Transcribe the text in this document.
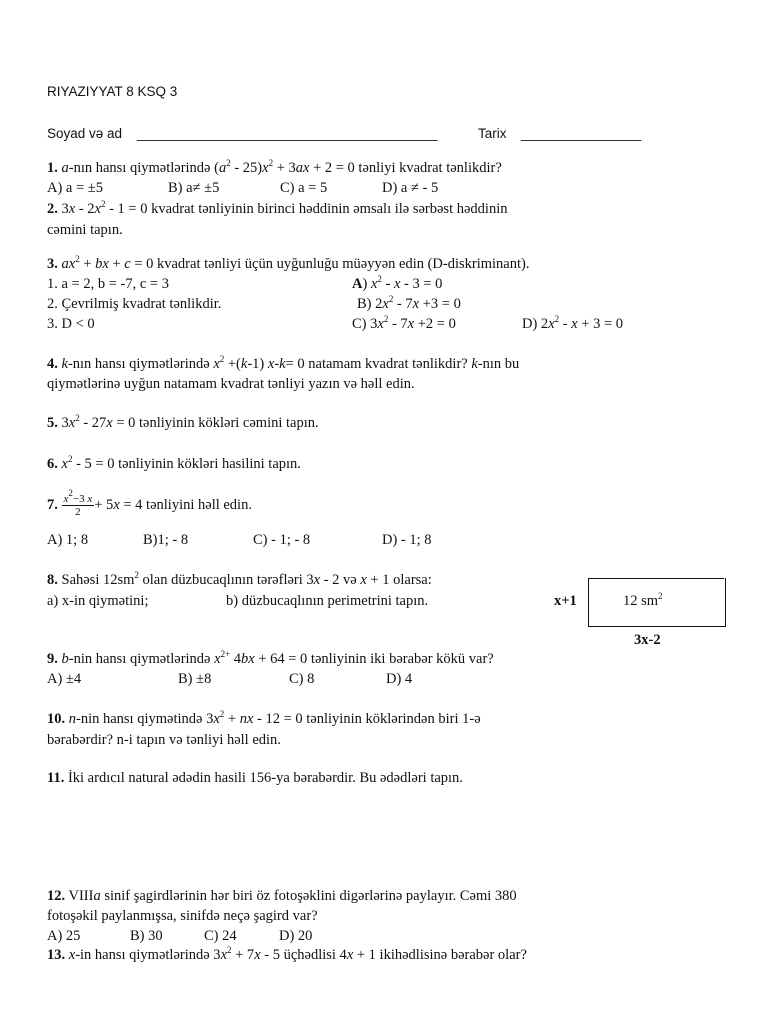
RIYAZIYYAT 8 KSQ 3
Soyad və ad ________________________________________	Tarix ________________
1. a-nın hansı qiymətlərində $(a^2 - 25)x^2 + 3ax + 2 = 0$ tənliyi kvadrat tənlikdir?
A) a = ±5	B) a≠ ±5	C) a = 5	D) a ≠ - 5
2. $3x - 2x^2 - 1 = 0$ kvadrat tənliyinin birinci həddinin əmsalı ilə sərbəst həddinin
cəmini tapın.
3. $ax^2$ + bx + c = 0 kvadrat tənliyi üçün uyğunluğu müəyyən edin (D-diskriminant).
1. a = 2, b = -7, c = 3
2. Çevrilmiş kvadrat tənlikdir.
3. D < 0
A) $x^2 - x - 3 = 0$
B) $2x^2 - 7x +3 = 0$
C) $3x^2 - 7x +2 = 0$	D) $2x^2 - x + 3 = 0$
4. k-nın hansı qiymətlərində $x^2 +(k-1)$ x-k= 0 natamam kvadrat tənlikdir? k-nın bu
qiymətlərinə uyğun natamam kvadrat tənliyi yazın və həll edin.
5. $3x^2 - 27x = 0$ tənliyinin kökləri cəmini tapın.
6. $x^2 - 5 = 0$ tənliyinin kökləri hasilini tapın.
7. $\frac{x^2-3 x}{2} + 5x = 4$ tənliyini həll edin.
A) 1; 8	B)1; - 8	C) - 1; - 8	D) - 1; 8
8. Sahəsi $12sm^2$ olan düzbucaqlının tərəfləri 3x - 2 və x + 1 olarsa:
a) x-in qiymətini;	b) düzbucaqlının perimetrini tapın.	x+1	12 $sm^2$
3x-2
9. b-nin hansı qiymətlərində $x^{2+}$ 4bx + 64 = 0 tənliyinin iki bərabər kökü var?
A) ±4	B) ±8	C) 8	D) 4
10. n-nin hansı qiymətində $3x^2$ + nx - 12 = 0 tənliyinin köklərindən biri 1-ə
bərabərdir? n-i tapın və tənliyi həll edin.
11. İki ardıcıl natural ədədin hasili 156-ya bərabərdir. Bu ədədləri tapın.
12. VIIIa sinif şagirdlərinin hər biri öz fotoşəklini digərlərinə paylayır. Cəmi 380
fotoşəkil paylanmışsa, sinifdə neçə şagird var?
A) 25	B) 30	C) 24	D) 20
13. x-in hansı qiymətlərində $3x^2 + 7x - 5$ üçhədlisi 4x + 1 ikihədlisinə bərabər olar?
